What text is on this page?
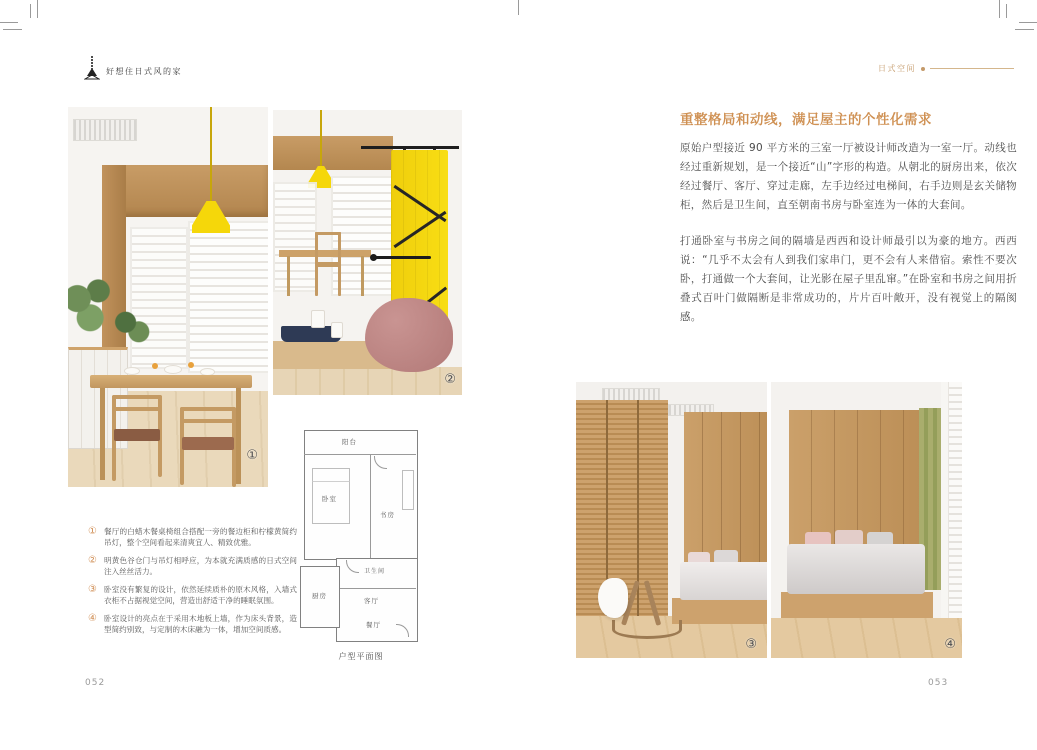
好想住日式风的家	日式空间
①
②
阳台
卧室
书房
卫生间
客厅
厨房
餐厅
户型平面图
① 餐厅的白蜡木餐桌椅组合搭配一旁的餐边柜和柠檬黄简约吊灯，整个空间看起来清爽宜人、精致优雅。
② 明黄色谷仓门与吊灯相呼应，为本就充满质感的日式空间注入丝丝活力。
③ 卧室没有繁复的设计，依然延续质朴的原木风格，入墙式衣柜不占据视觉空间，营造出舒适干净的睡眠氛围。
④ 卧室设计的亮点在于采用木地板上墙，作为床头背景，造型简约别致，与定制的木床融为一体，增加空间质感。
052
重整格局和动线，满足屋主的个性化需求
原始户型接近 90 平方米的三室一厅被设计师改造为一室一厅。动线也经过重新规划，是一个接近“山”字形的构造。从朝北的厨房出来，依次经过餐厅、客厅、穿过走廊，左手边经过电梯间，右手边则是玄关储物柜，然后是卫生间，直至朝南书房与卧室连为一体的大套间。
打通卧室与书房之间的隔墙是西西和设计师最引以为豪的地方。西西说：“几乎不太会有人到我们家串门，更不会有人来借宿。索性不要次卧，打通做一个大套间，让光影在屋子里乱窜。”在卧室和书房之间用折叠式百叶门做隔断是非常成功的，片片百叶敞开，没有视觉上的隔阂感。
③	④
053
